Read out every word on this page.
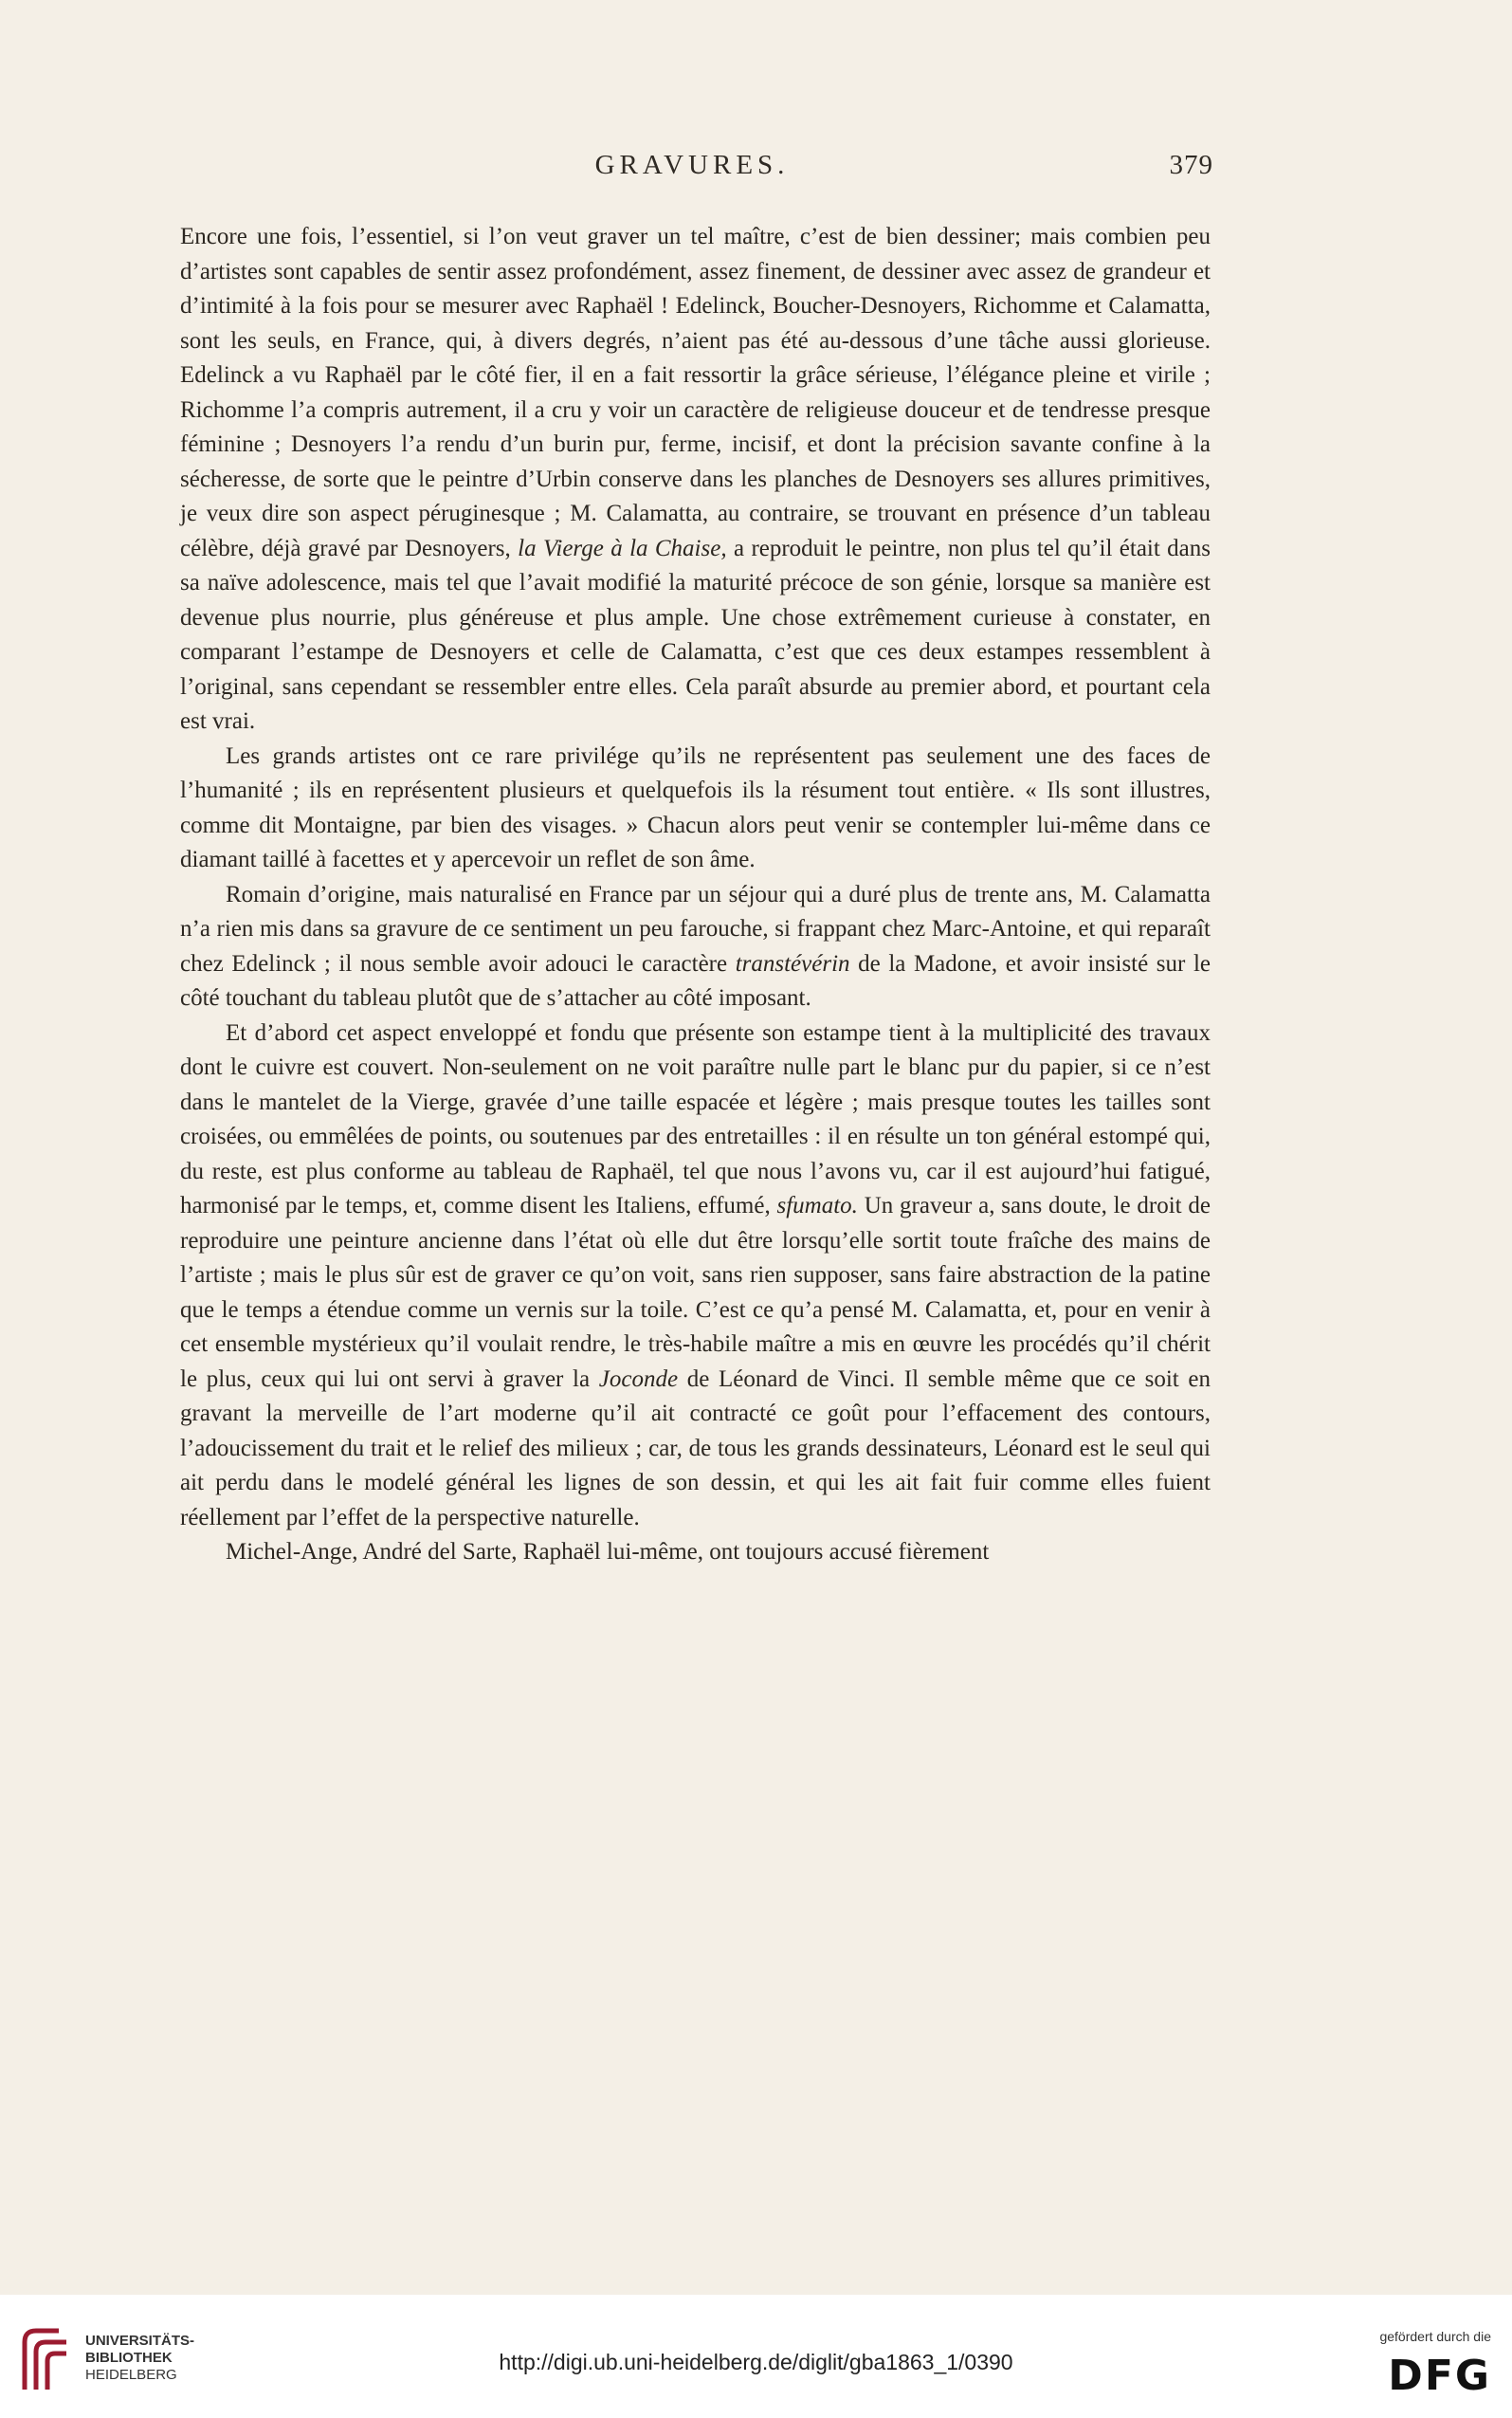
GRAVURES.	379

Encore une fois, l’essentiel, si l’on veut graver un tel maître, c’est de bien dessiner; mais combien peu d’artistes sont capables de sentir assez profondément, assez finement, de dessiner avec assez de grandeur et d’intimité à la fois pour se mesurer avec Raphaël ! Edelinck, Boucher-Desnoyers, Richomme et Calamatta, sont les seuls, en France, qui, à divers degrés, n’aient pas été au-dessous d’une tâche aussi glorieuse. Edelinck a vu Raphaël par le côté fier, il en a fait ressortir la grâce sérieuse, l’élégance pleine et virile ; Richomme l’a compris autrement, il a cru y voir un caractère de religieuse douceur et de tendresse presque féminine ; Desnoyers l’a rendu d’un burin pur, ferme, incisif, et dont la précision savante confine à la sécheresse, de sorte que le peintre d’Urbin conserve dans les planches de Desnoyers ses allures primitives, je veux dire son aspect péruginesque ; M. Calamatta, au contraire, se trouvant en présence d’un tableau célèbre, déjà gravé par Desnoyers, la Vierge à la Chaise, a reproduit le peintre, non plus tel qu’il était dans sa naïve adolescence, mais tel que l’avait modifié la maturité précoce de son génie, lorsque sa manière est devenue plus nourrie, plus généreuse et plus ample. Une chose extrêmement curieuse à constater, en comparant l’estampe de Desnoyers et celle de Calamatta, c’est que ces deux estampes ressemblent à l’original, sans cependant se ressembler entre elles. Cela paraît absurde au premier abord, et pourtant cela est vrai.

Les grands artistes ont ce rare privilége qu’ils ne représentent pas seulement une des faces de l’humanité ; ils en représentent plusieurs et quelquefois ils la résument tout entière. « Ils sont illustres, comme dit Montaigne, par bien des visages. » Chacun alors peut venir se contempler lui-même dans ce diamant taillé à facettes et y apercevoir un reflet de son âme.

Romain d’origine, mais naturalisé en France par un séjour qui a duré plus de trente ans, M. Calamatta n’a rien mis dans sa gravure de ce sentiment un peu farouche, si frappant chez Marc-Antoine, et qui reparaît chez Edelinck ; il nous semble avoir adouci le caractère transtévérin de la Madone, et avoir insisté sur le côté touchant du tableau plutôt que de s’attacher au côté imposant.

Et d’abord cet aspect enveloppé et fondu que présente son estampe tient à la multiplicité des travaux dont le cuivre est couvert. Non-seulement on ne voit paraître nulle part le blanc pur du papier, si ce n’est dans le mantelet de la Vierge, gravée d’une taille espacée et légère ; mais presque toutes les tailles sont croisées, ou emmêlées de points, ou soutenues par des entretailles : il en résulte un ton général estompé qui, du reste, est plus conforme au tableau de Raphaël, tel que nous l’avons vu, car il est aujourd’hui fatigué, harmonisé par le temps, et, comme disent les Italiens, effumé, sfumato. Un graveur a, sans doute, le droit de reproduire une peinture ancienne dans l’état où elle dut être lorsqu’elle sortit toute fraîche des mains de l’artiste ; mais le plus sûr est de graver ce qu’on voit, sans rien supposer, sans faire abstraction de la patine que le temps a étendue comme un vernis sur la toile. C’est ce qu’a pensé M. Calamatta, et, pour en venir à cet ensemble mystérieux qu’il voulait rendre, le très-habile maître a mis en œuvre les procédés qu’il chérit le plus, ceux qui lui ont servi à graver la Joconde de Léonard de Vinci. Il semble même que ce soit en gravant la merveille de l’art moderne qu’il ait contracté ce goût pour l’effacement des contours, l’adoucissement du trait et le relief des milieux ; car, de tous les grands dessinateurs, Léonard est le seul qui ait perdu dans le modelé général les lignes de son dessin, et qui les ait fait fuir comme elles fuient réellement par l’effet de la perspective naturelle.

Michel-Ange, André del Sarte, Raphaël lui-même, ont toujours accusé fièrement

UNIVERSITÄTS-
BIBLIOTHEK
HEIDELBERG
http://digi.ub.uni-heidelberg.de/diglit/gba1863_1/0390
gefördert durch die
DFG
